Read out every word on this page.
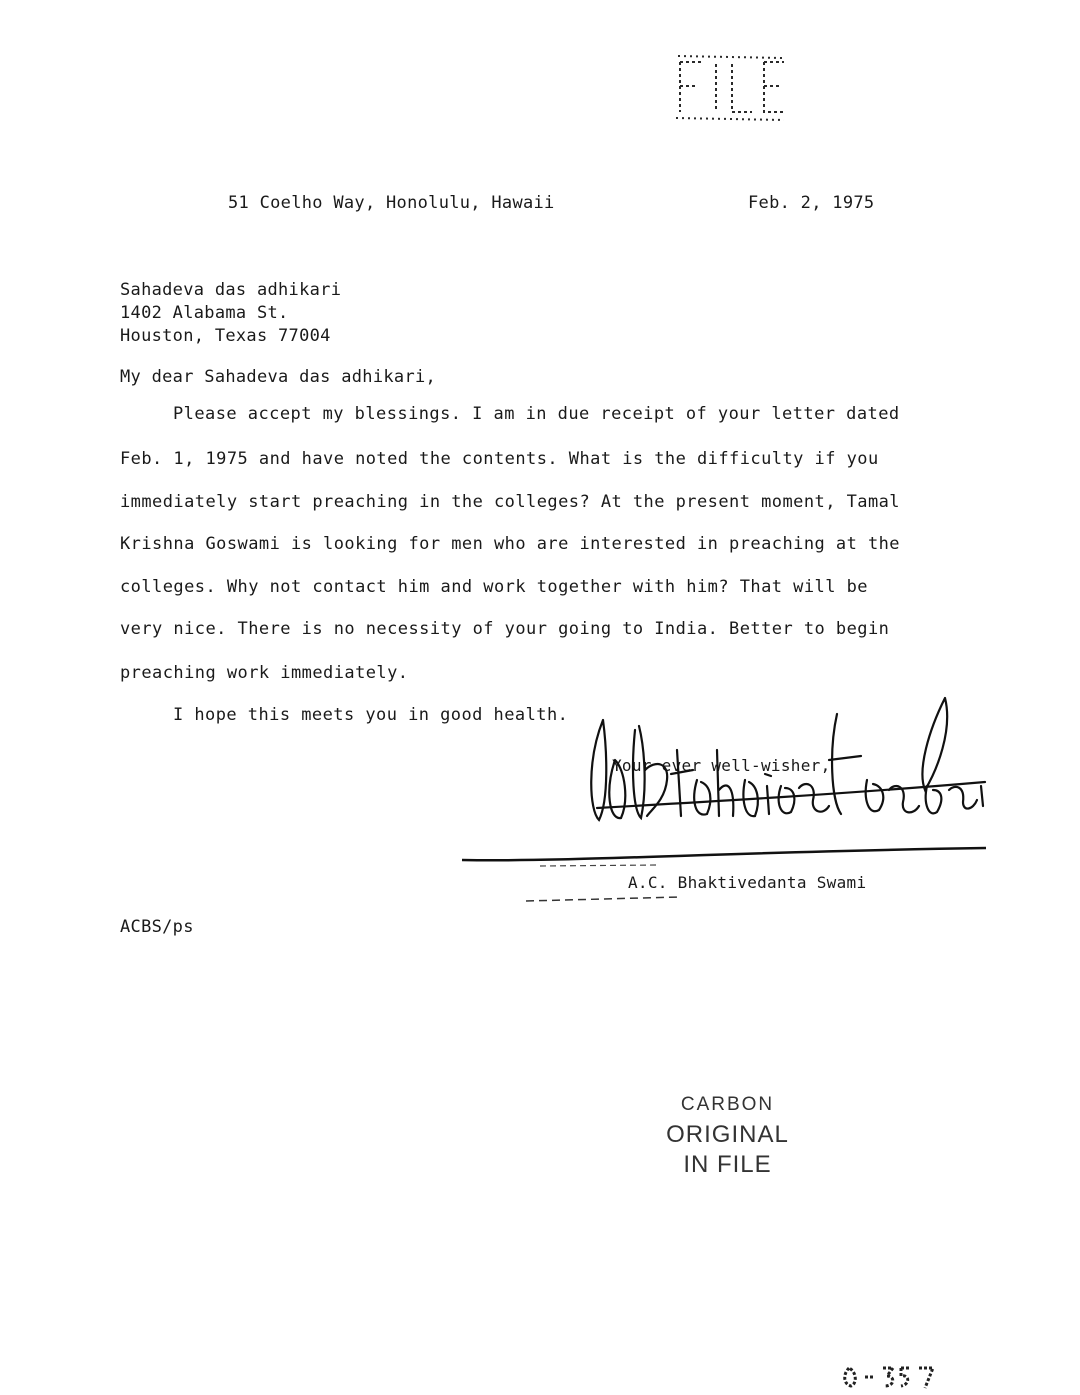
51 Coelho Way, Honolulu, Hawaii	Feb. 2, 1975
Sahadeva das adhikari
1402 Alabama St.
Houston, Texas 77004
My dear Sahadeva das adhikari,
Please accept my blessings. I am in due receipt of your letter dated
Feb. 1, 1975 and have noted the contents. What is the difficulty if you
immediately start preaching in the colleges? At the present moment, Tamal
Krishna Goswami is looking for men who are interested in preaching at the
colleges. Why not contact him and work together with him? That will be
very nice. There is no necessity of your going to India. Better to begin
preaching work immediately.
I hope this meets you in good health.
Your ever well-wisher,
A.C. Bhaktivedanta Swami
ACBS/ps
CARBON
ORIGINAL
IN FILE
